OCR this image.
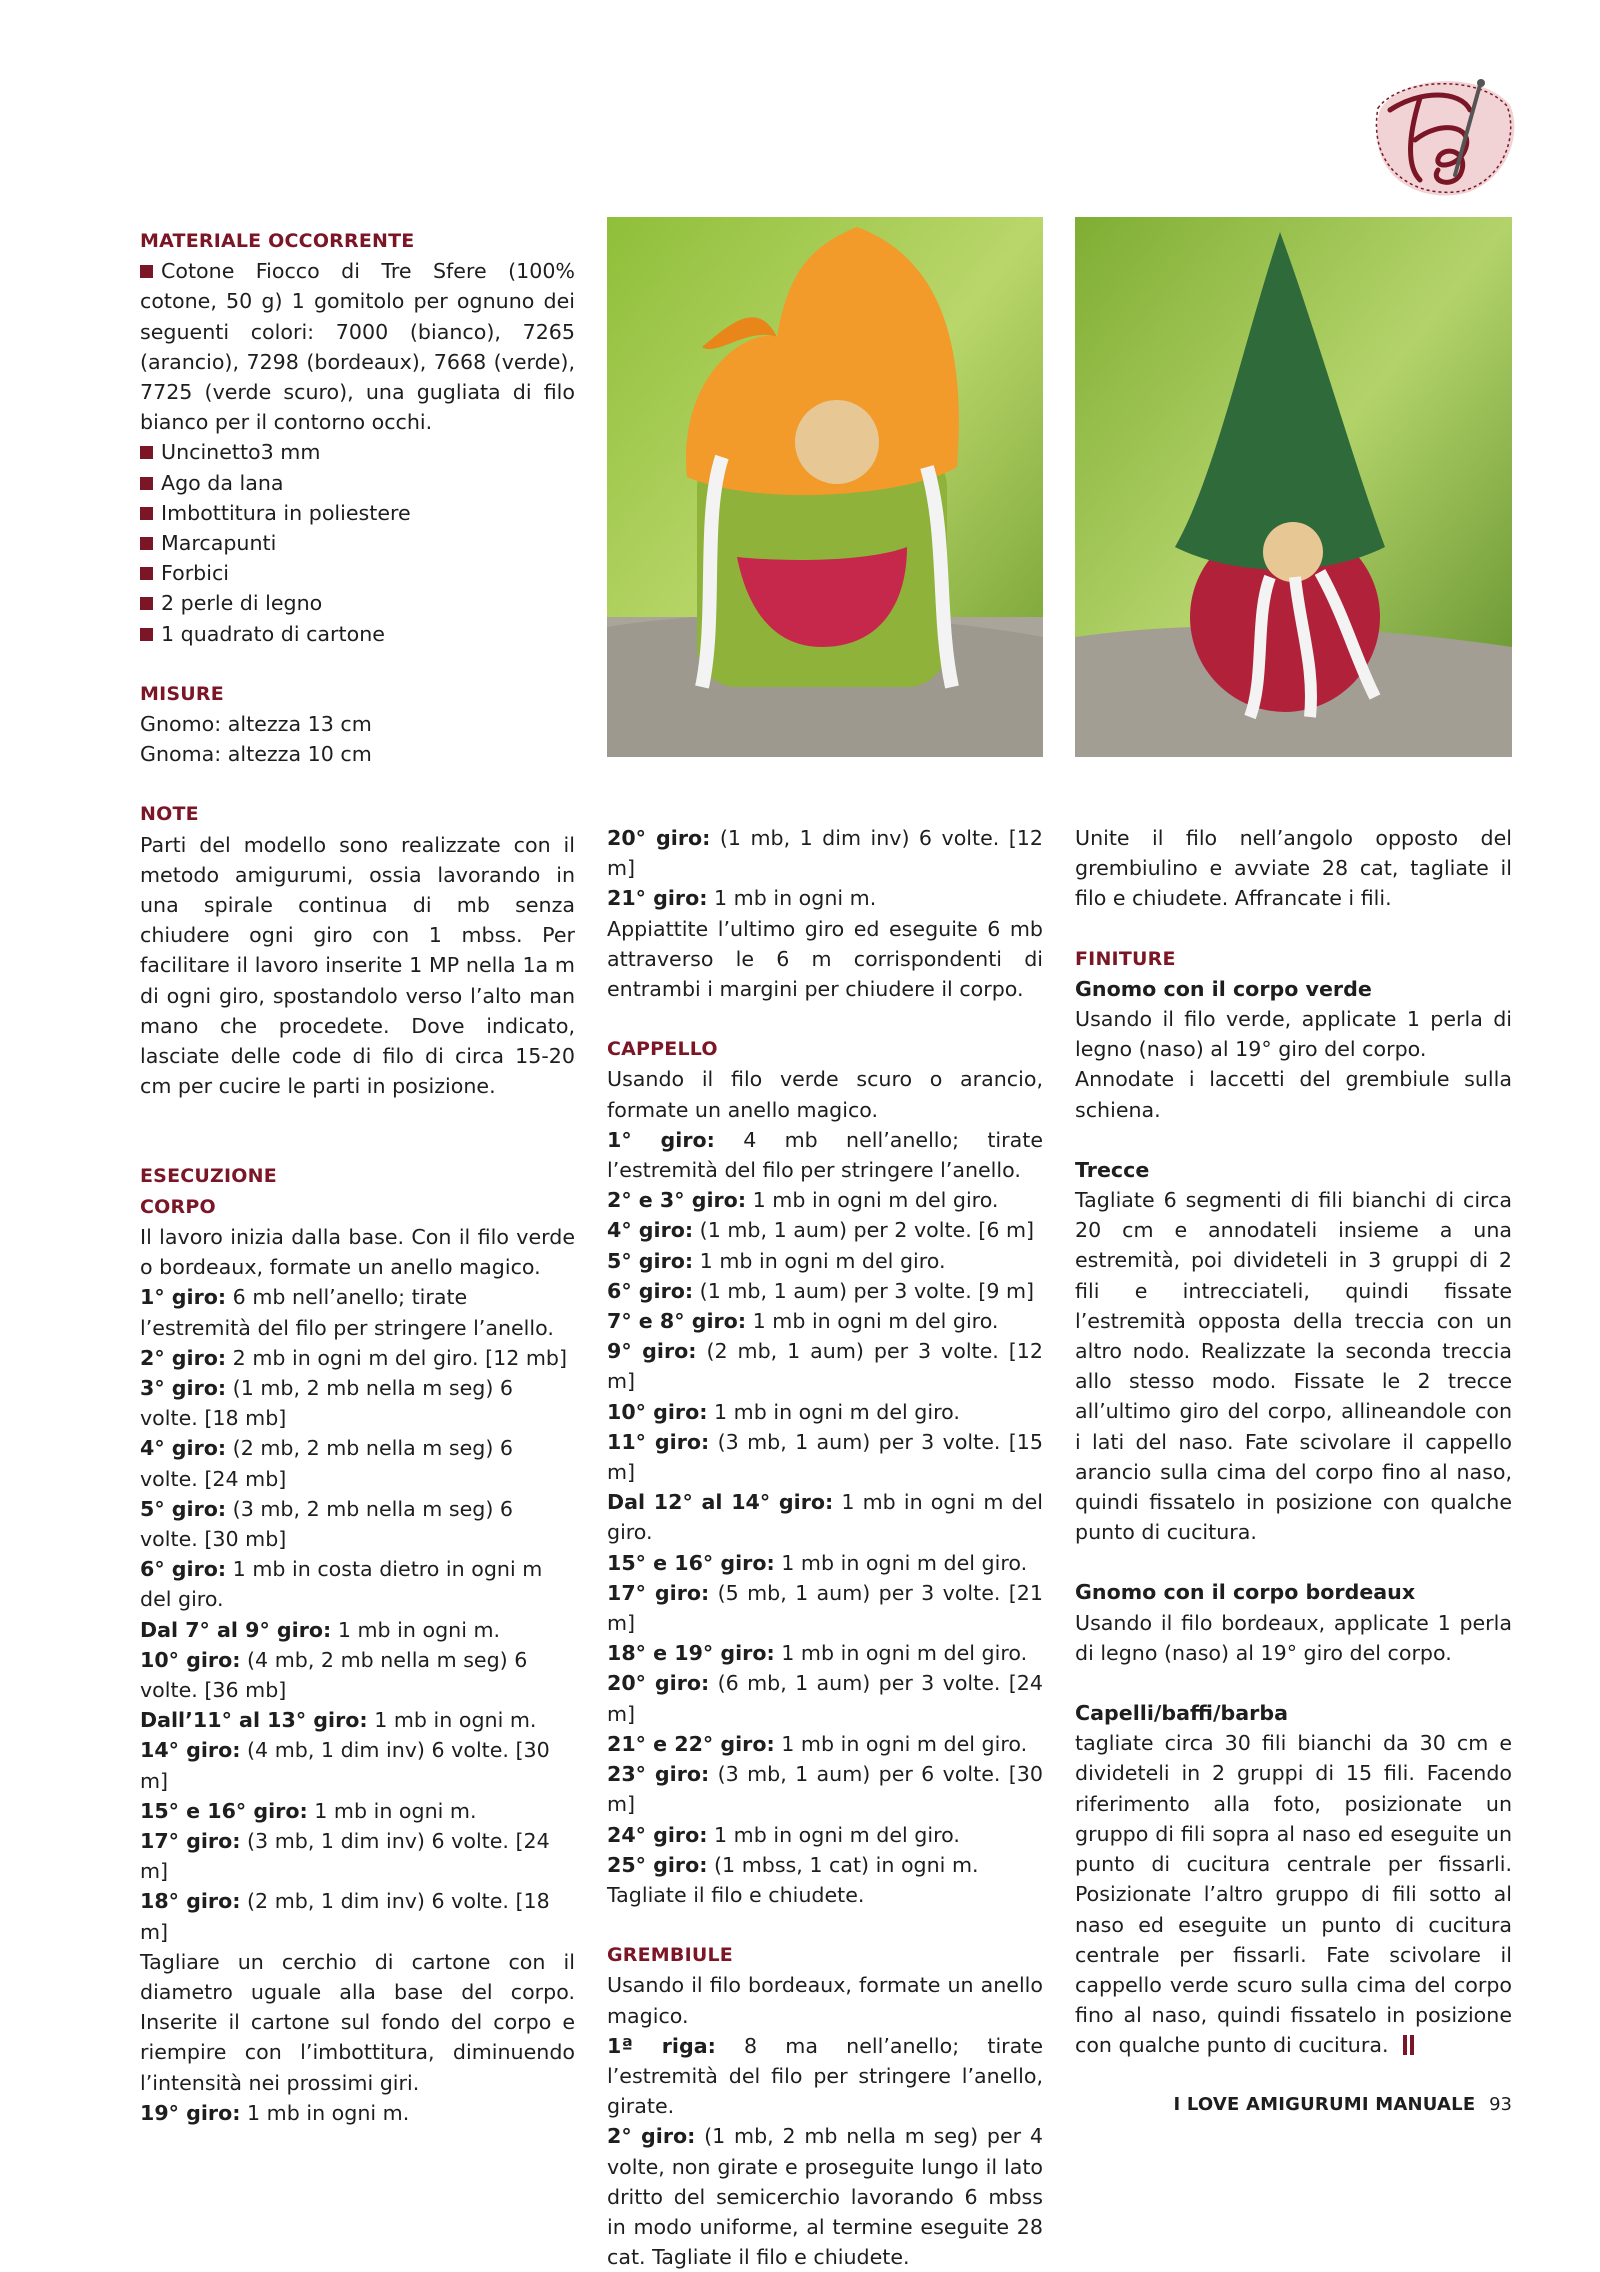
MATERIALE OCCORRENTE

Cotone Fiocco di Tre Sfere (100% cotone, 50 g) 1 gomitolo per ognuno dei seguenti colori: 7000 (bianco), 7265 (arancio), 7298 (bordeaux), 7668 (verde), 7725 (verde scuro), una gugliata di filo bianco per il contorno occhi.

Uncinetto3 mm

Ago da lana

Imbottitura in poliestere

Marcapunti

Forbici

2 perle di legno

1 quadrato di cartone

MISURE

Gnomo: altezza 13 cm

Gnoma: altezza 10 cm

NOTE

Parti del modello sono realizzate con il metodo amigurumi, ossia lavorando in una spirale continua di mb senza chiudere ogni giro con 1 mbss. Per facilitare il lavoro inserite 1 MP nella 1a m di ogni giro, spostandolo verso l’alto man mano che procedete. Dove indicato, lasciate delle code di filo di circa 15-20 cm per cucire le parti in posizione.

ESECUZIONE

CORPO

Il lavoro inizia dalla base. Con il filo verde o bordeaux, formate un anello magico.

1° giro: 6 mb nell’anello; tirate l’estremità del filo per stringere l’anello.

2° giro: 2 mb in ogni m del giro. [12 mb]

3° giro: (1 mb, 2 mb nella m seg) 6 volte. [18 mb]

4° giro: (2 mb, 2 mb nella m seg) 6 volte. [24 mb]

5° giro: (3 mb, 2 mb nella m seg) 6 volte. [30 mb]

6° giro: 1 mb in costa dietro in ogni m del giro.

Dal 7° al 9° giro: 1 mb in ogni m.

10° giro: (4 mb, 2 mb nella m seg) 6 volte. [36 mb]

Dall’11° al 13° giro: 1 mb in ogni m.

14° giro: (4 mb, 1 dim inv) 6 volte. [30 m]

15° e 16° giro: 1 mb in ogni m.

17° giro: (3 mb, 1 dim inv) 6 volte. [24 m]

18° giro: (2 mb, 1 dim inv) 6 volte. [18 m]

Tagliare un cerchio di cartone con il diametro uguale alla base del corpo. Inserite il cartone sul fondo del corpo e riempire con l’imbottitura, diminuendo l’intensità nei prossimi giri.

19° giro: 1 mb in ogni m.

20° giro: (1 mb, 1 dim inv) 6 volte. [12 m]

21° giro: 1 mb in ogni m.

Appiattite l’ultimo giro ed eseguite 6 mb attraverso le 6 m corrispondenti di entrambi i margini per chiudere il corpo.

CAPPELLO

Usando il filo verde scuro o arancio, formate un anello magico.

1° giro: 4 mb nell’anello; tirate l’estremità del filo per stringere l’anello.

2° e 3° giro: 1 mb in ogni m del giro.

4° giro: (1 mb, 1 aum) per 2 volte. [6 m]

5° giro: 1 mb in ogni m del giro.

6° giro: (1 mb, 1 aum) per 3 volte. [9 m]

7° e 8° giro: 1 mb in ogni m del giro.

9° giro: (2 mb, 1 aum) per 3 volte. [12 m]

10° giro: 1 mb in ogni m del giro.

11° giro: (3 mb, 1 aum) per 3 volte. [15 m]

Dal 12° al 14° giro: 1 mb in ogni m del giro.

15° e 16° giro: 1 mb in ogni m del giro.

17° giro: (5 mb, 1 aum) per 3 volte. [21 m]

18° e 19° giro: 1 mb in ogni m del giro.

20° giro: (6 mb, 1 aum) per 3 volte. [24 m]

21° e 22° giro: 1 mb in ogni m del giro.

23° giro: (3 mb, 1 aum) per 6 volte. [30 m]

24° giro: 1 mb in ogni m del giro.

25° giro: (1 mbss, 1 cat) in ogni m.

Tagliate il filo e chiudete.

GREMBIULE

Usando il filo bordeaux, formate un anello magico.

1ª riga: 8 ma nell’anello; tirate l’estremità del filo per stringere l’anello, girate.

2° giro: (1 mb, 2 mb nella m seg) per 4 volte, non girate e proseguite lungo il lato dritto del semicerchio lavorando 6 mbss in modo uniforme, al termine eseguite 28 cat. Tagliate il filo e chiudete.

Unite il filo nell’angolo opposto del grembiulino e avviate 28 cat, tagliate il filo e chiudete. Affrancate i fili.

FINITURE

Gnomo con il corpo verde

Usando il filo verde, applicate 1 perla di legno (naso) al 19° giro del corpo.

Annodate i laccetti del grembiule sulla schiena.

Trecce

Tagliate 6 segmenti di fili bianchi di circa 20 cm e annodateli insieme a una estremità, poi divideteli in 3 gruppi di 2 fili e intrecciateli, quindi fissate l’estremità opposta della treccia con un altro nodo. Realizzate la seconda treccia allo stesso modo. Fissate le 2 trecce all’ultimo giro del corpo, allineandole con i lati del naso. Fate scivolare il cappello arancio sulla cima del corpo fino al naso, quindi fissatelo in posizione con qualche punto di cucitura.

Gnomo con il corpo bordeaux

Usando il filo bordeaux, applicate 1 perla di legno (naso) al 19° giro del corpo.

Capelli/baffi/barba

tagliate circa 30 fili bianchi da 30 cm e divideteli in 2 gruppi di 15 fili. Facendo riferimento alla foto, posizionate un gruppo di fili sopra al naso ed eseguite un punto di cucitura centrale per fissarli. Posizionate l’altro gruppo di fili sotto al naso ed eseguite un punto di cucitura centrale per fissarli. Fate scivolare il cappello verde scuro sulla cima del corpo fino al naso, quindi fissatelo in posizione con qualche punto di cucitura.

I LOVE AMIGURUMI MANUALE 93
